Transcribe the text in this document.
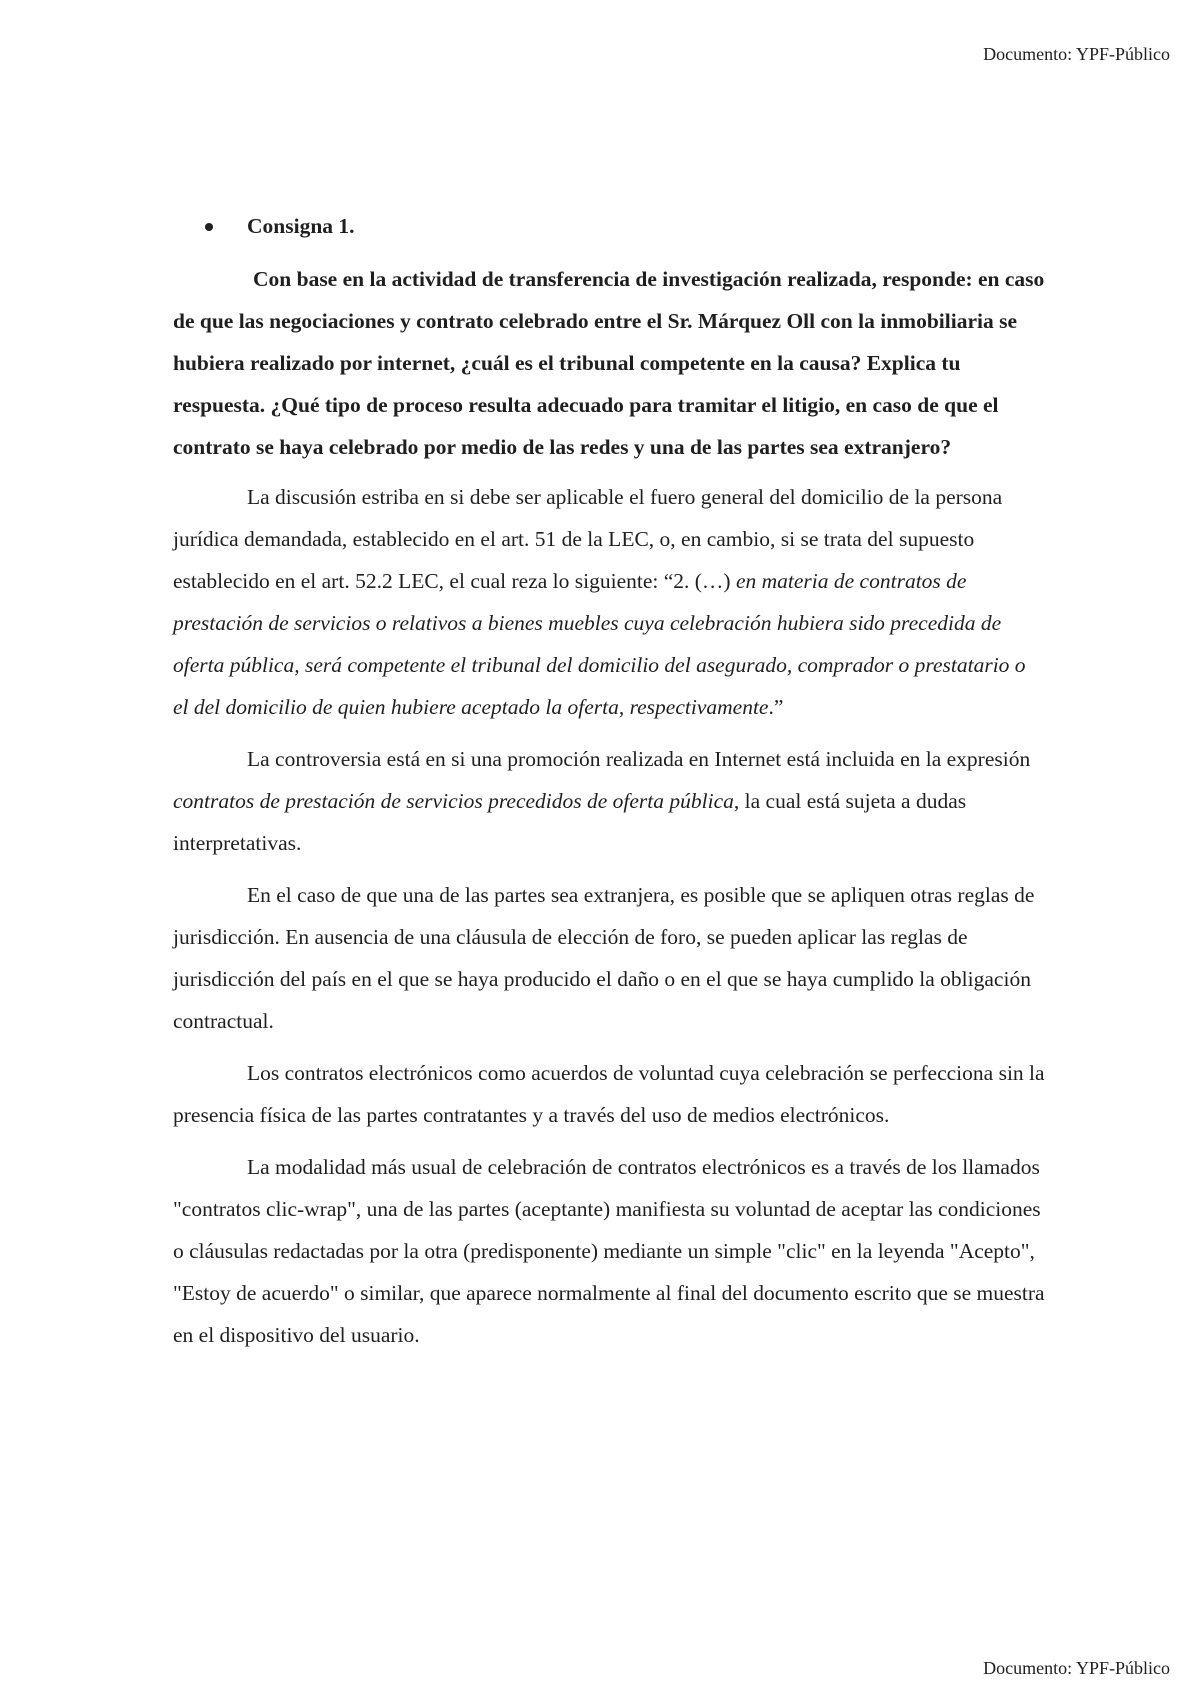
Documento: YPF-Público
Consigna 1.

Con base en la actividad de transferencia de investigación realizada, responde: en caso de que las negociaciones y contrato celebrado entre el Sr. Márquez Oll con la inmobiliaria se hubiera realizado por internet, ¿cuál es el tribunal competente en la causa? Explica tu respuesta. ¿Qué tipo de proceso resulta adecuado para tramitar el litigio, en caso de que el contrato se haya celebrado por medio de las redes y una de las partes sea extranjero?

La discusión estriba en si debe ser aplicable el fuero general del domicilio de la persona jurídica demandada, establecido en el art. 51 de la LEC, o, en cambio, si se trata del supuesto establecido en el art. 52.2 LEC, el cual reza lo siguiente: “2. (…) en materia de contratos de prestación de servicios o relativos a bienes muebles cuya celebración hubiera sido precedida de oferta pública, será competente el tribunal del domicilio del asegurado, comprador o prestatario o el del domicilio de quien hubiere aceptado la oferta, respectivamente.”

La controversia está en si una promoción realizada en Internet está incluida en la expresión contratos de prestación de servicios precedidos de oferta pública, la cual está sujeta a dudas interpretativas.

En el caso de que una de las partes sea extranjera, es posible que se apliquen otras reglas de jurisdicción. En ausencia de una cláusula de elección de foro, se pueden aplicar las reglas de jurisdicción del país en el que se haya producido el daño o en el que se haya cumplido la obligación contractual.

Los contratos electrónicos como acuerdos de voluntad cuya celebración se perfecciona sin la presencia física de las partes contratantes y a través del uso de medios electrónicos.

La modalidad más usual de celebración de contratos electrónicos es a través de los llamados "contratos clic-wrap", una de las partes (aceptante) manifiesta su voluntad de aceptar las condiciones o cláusulas redactadas por la otra (predisponente) mediante un simple "clic" en la leyenda "Acepto", "Estoy de acuerdo" o similar, que aparece normalmente al final del documento escrito que se muestra en el dispositivo del usuario.

Documento: YPF-Público
